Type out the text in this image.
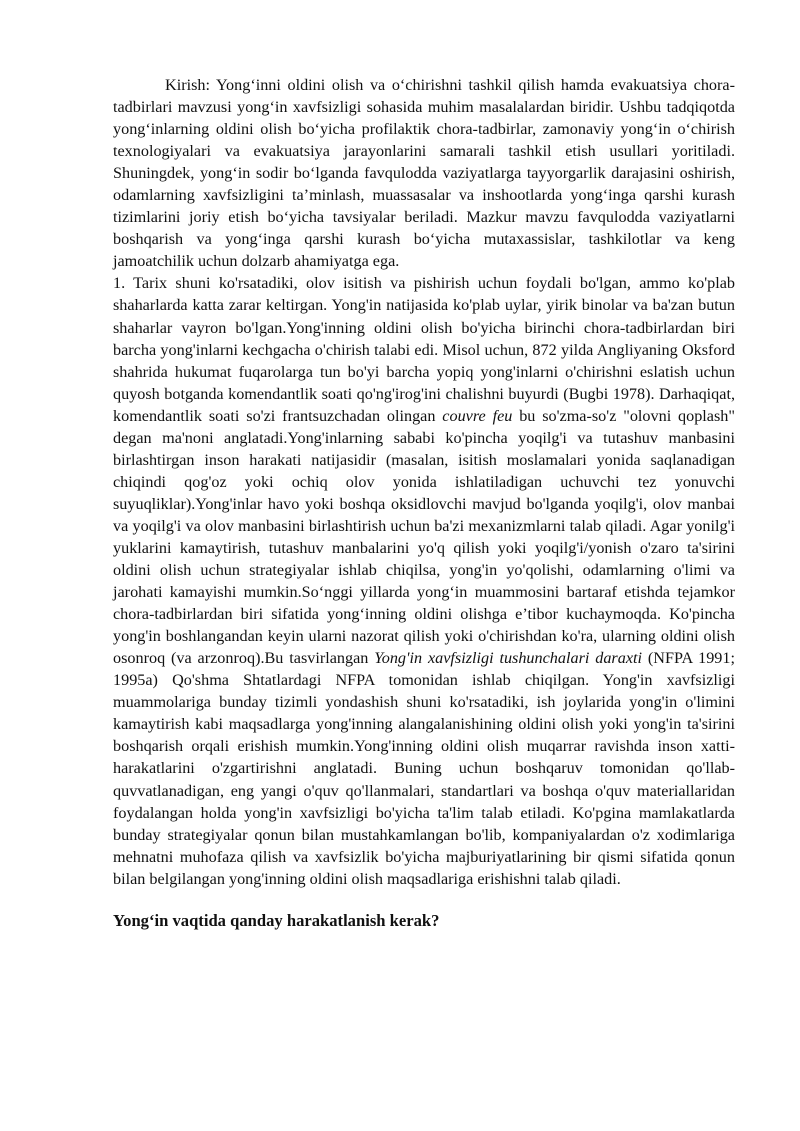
Kirish: Yong‘inni oldini olish va o‘chirishni tashkil qilish hamda evakuatsiya chora-tadbirlari mavzusi yong‘in xavfsizligi sohasida muhim masalalardan biridir. Ushbu tadqiqotda yong‘inlarning oldini olish bo‘yicha profilaktik chora-tadbirlar, zamonaviy yong‘in o‘chirish texnologiyalari va evakuatsiya jarayonlarini samarali tashkil etish usullari yoritiladi. Shuningdek, yong‘in sodir bo‘lganda favqulodda vaziyatlarga tayyorgarlik darajasini oshirish, odamlarning xavfsizligini ta’minlash, muassasalar va inshootlarda yong‘inga qarshi kurash tizimlarini joriy etish bo‘yicha tavsiyalar beriladi. Mazkur mavzu favqulodda vaziyatlarni boshqarish va yong‘inga qarshi kurash bo‘yicha mutaxassislar, tashkilotlar va keng jamoatchilik uchun dolzarb ahamiyatga ega.

1. Tarix shuni ko'rsatadiki, olov isitish va pishirish uchun foydali bo'lgan, ammo ko'plab shaharlarda katta zarar keltirgan. Yong'in natijasida ko'plab uylar, yirik binolar va ba'zan butun shaharlar vayron bo'lgan.Yong'inning oldini olish bo'yicha birinchi chora-tadbirlardan biri barcha yong'inlarni kechgacha o'chirish talabi edi. Misol uchun, 872 yilda Angliyaning Oksford shahrida hukumat fuqarolarga tun bo'yi barcha yopiq yong'inlarni o'chirishni eslatish uchun quyosh botganda komendantlik soati qo'ng'irog'ini chalishni buyurdi (Bugbi 1978). Darhaqiqat, komendantlik soati so'zi frantsuzchadan olingan couvre feu bu so'zma-so'z "olovni qoplash" degan ma'noni anglatadi.Yong'inlarning sababi ko'pincha yoqilg'i va tutashuv manbasini birlashtirgan inson harakati natijasidir (masalan, isitish moslamalari yonida saqlanadigan chiqindi qog'oz yoki ochiq olov yonida ishlatiladigan uchuvchi tez yonuvchi suyuqliklar).Yong'inlar havo yoki boshqa oksidlovchi mavjud bo'lganda yoqilg'i, olov manbai va yoqilg'i va olov manbasini birlashtirish uchun ba'zi mexanizmlarni talab qiladi. Agar yonilg'i yuklarini kamaytirish, tutashuv manbalarini yo'q qilish yoki yoqilg'i/yonish o'zaro ta'sirini oldini olish uchun strategiyalar ishlab chiqilsa, yong'in yo'qolishi, odamlarning o'limi va jarohati kamayishi mumkin.So‘nggi yillarda yong‘in muammosini bartaraf etishda tejamkor chora-tadbirlardan biri sifatida yong‘inning oldini olishga e’tibor kuchaymoqda. Ko'pincha yong'in boshlangandan keyin ularni nazorat qilish yoki o'chirishdan ko'ra, ularning oldini olish osonroq (va arzonroq).Bu tasvirlangan Yong'in xavfsizligi tushunchalari daraxti (NFPA 1991; 1995a) Qo'shma Shtatlardagi NFPA tomonidan ishlab chiqilgan. Yong'in xavfsizligi muammolariga bunday tizimli yondashish shuni ko'rsatadiki, ish joylarida yong'in o'limini kamaytirish kabi maqsadlarga yong'inning alangalanishining oldini olish yoki yong'in ta'sirini boshqarish orqali erishish mumkin.Yong'inning oldini olish muqarrar ravishda inson xatti-harakatlarini o'zgartirishni anglatadi. Buning uchun boshqaruv tomonidan qo'llab-quvvatlanadigan, eng yangi o'quv qo'llanmalari, standartlari va boshqa o'quv materiallaridan foydalangan holda yong'in xavfsizligi bo'yicha ta'lim talab etiladi. Ko'pgina mamlakatlarda bunday strategiyalar qonun bilan mustahkamlangan bo'lib, kompaniyalardan o'z xodimlariga mehnatni muhofaza qilish va xavfsizlik bo'yicha majburiyatlarining bir qismi sifatida qonun bilan belgilangan yong'inning oldini olish maqsadlariga erishishni talab qiladi.

Yong‘in vaqtida qanday harakatlanish kerak?
